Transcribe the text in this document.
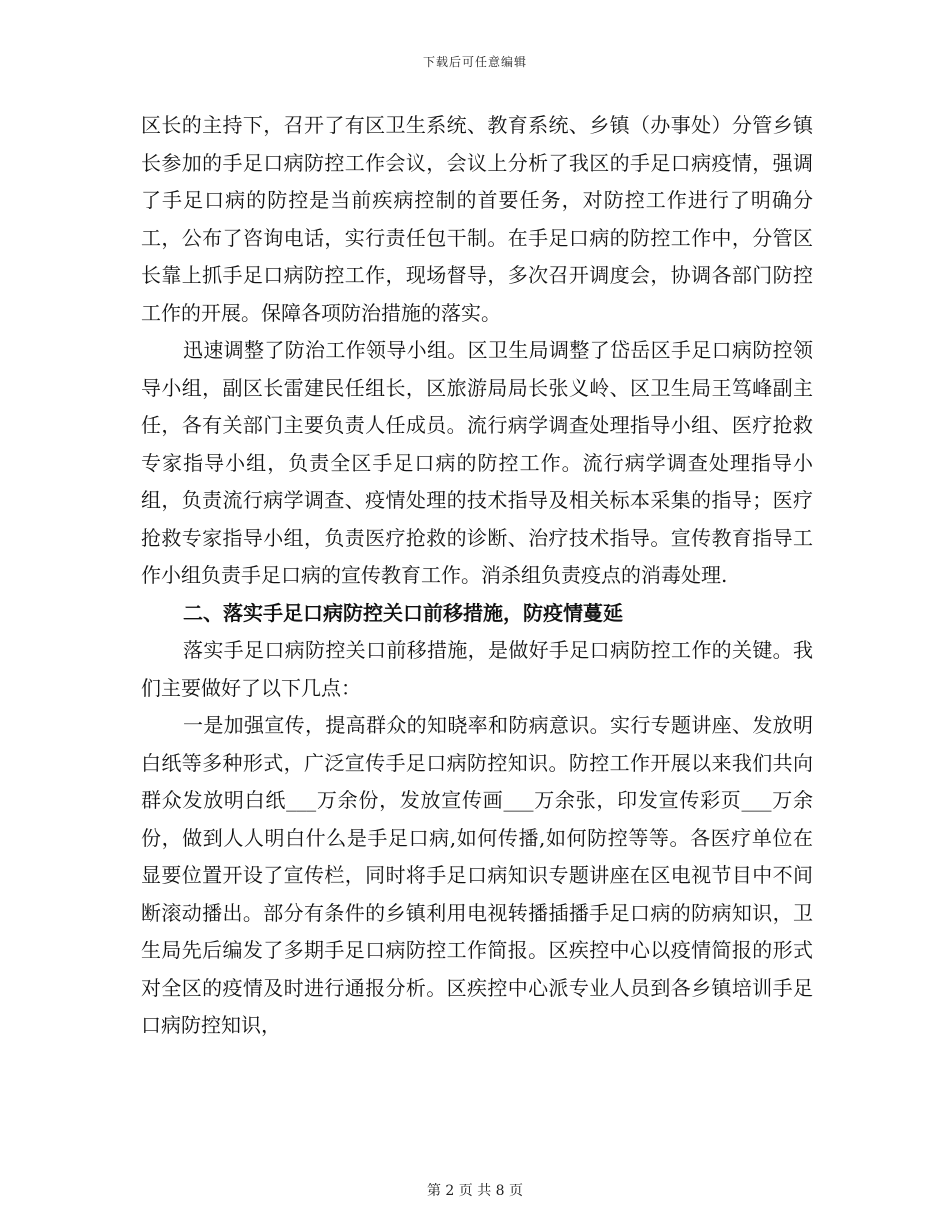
下载后可任意编辑

区长的主持下，召开了有区卫生系统、教育系统、乡镇（办事处）分管乡镇长参加的手足口病防控工作会议，会议上分析了我区的手足口病疫情，强调了手足口病的防控是当前疾病控制的首要任务，对防控工作进行了明确分工，公布了咨询电话，实行责任包干制。在手足口病的防控工作中，分管区长靠上抓手足口病防控工作，现场督导，多次召开调度会，协调各部门防控工作的开展。保障各项防治措施的落实。

迅速调整了防治工作领导小组。区卫生局调整了岱岳区手足口病防控领导小组，副区长雷建民任组长，区旅游局局长张义岭、区卫生局王笃峰副主任，各有关部门主要负责人任成员。流行病学调查处理指导小组、医疗抢救专家指导小组，负责全区手足口病的防控工作。流行病学调查处理指导小组，负责流行病学调查、疫情处理的技术指导及相关标本采集的指导；医疗抢救专家指导小组，负责医疗抢救的诊断、治疗技术指导。宣传教育指导工作小组负责手足口病的宣传教育工作。消杀组负责疫点的消毒处理.

二、落实手足口病防控关口前移措施，防疫情蔓延

落实手足口病防控关口前移措施，是做好手足口病防控工作的关键。我们主要做好了以下几点：

一是加强宣传，提高群众的知晓率和防病意识。实行专题讲座、发放明白纸等多种形式，广泛宣传手足口病防控知识。防控工作开展以来我们共向群众发放明白纸___万余份，发放宣传画___万余张，印发宣传彩页___万余份，做到人人明白什么是手足口病,如何传播,如何防控等等。各医疗单位在显要位置开设了宣传栏，同时将手足口病知识专题讲座在区电视节目中不间断滚动播出。部分有条件的乡镇利用电视转播插播手足口病的防病知识，卫生局先后编发了多期手足口病防控工作简报。区疾控中心以疫情简报的形式对全区的疫情及时进行通报分析。区疾控中心派专业人员到各乡镇培训手足口病防控知识，

第 2 页 共 8 页
